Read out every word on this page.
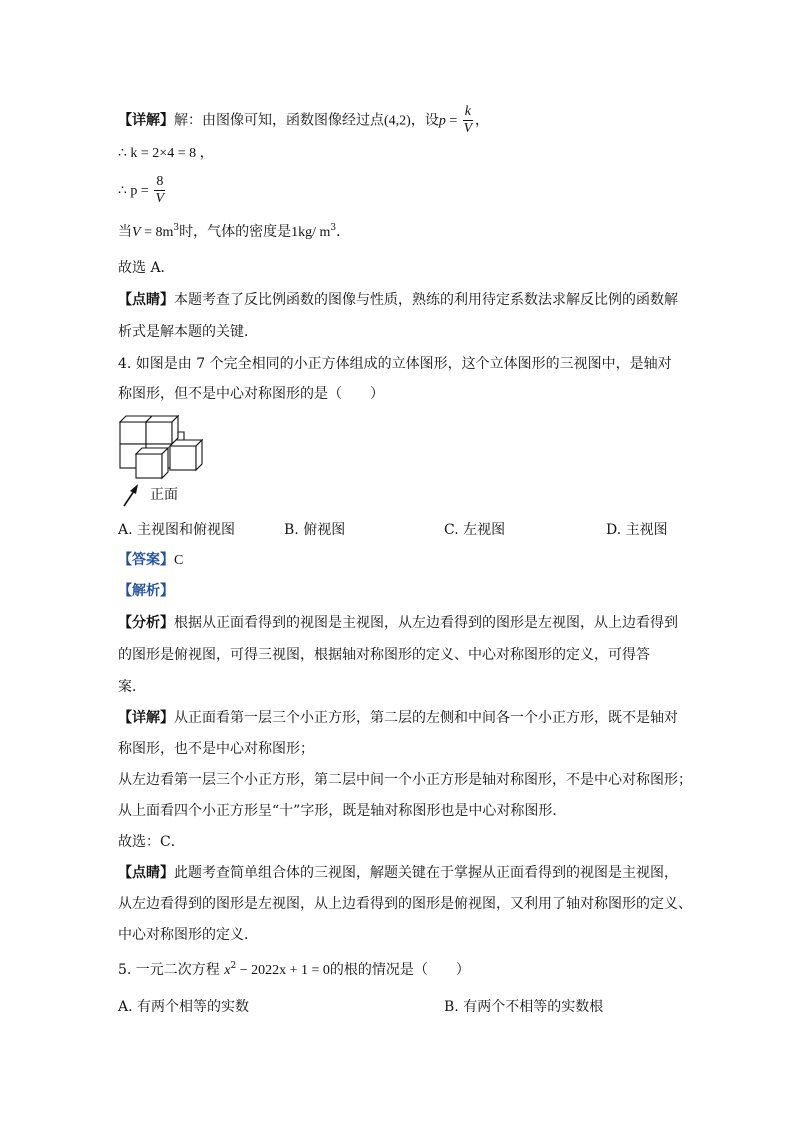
【详解】解：由图像可知，函数图像经过点(4,2)，设$p = \frac{k}{V}$ ，
∴ k = 2×4 = 8 ，
∴ $p = \frac{8}{V}$
当$V = 8m^3$时，气体的密度是1kg/ $m^3$．
故选 A．
【点睛】本题考查了反比例函数的图像与性质，熟练的利用待定系数法求解反比例的函数解
析式是解本题的关键．
4. 如图是由 7 个完全相同的小正方体组成的立体图形，这个立体图形的三视图中，是轴对
称图形，但不是中心对称图形的是（　　）
正面
A. 主视图和俯视图	B. 俯视图	C. 左视图	D. 主视图
【答案】C
【解析】
【分析】根据从正面看得到的视图是主视图，从左边看得到的图形是左视图，从上边看得到
的图形是俯视图，可得三视图，根据轴对称图形的定义、中心对称图形的定义，可得答
案．
【详解】从正面看第一层三个小正方形，第二层的左侧和中间各一个小正方形，既不是轴对
称图形，也不是中心对称图形；
从左边看第一层三个小正方形，第二层中间一个小正方形是轴对称图形，不是中心对称图形；
从上面看四个小正方形呈“十”字形，既是轴对称图形也是中心对称图形．
故选：C．
【点睛】此题考查简单组合体的三视图，解题关键在于掌握从正面看得到的视图是主视图，
从左边看得到的图形是左视图，从上边看得到的图形是俯视图，又利用了轴对称图形的定义、
中心对称图形的定义．
5. 一元二次方程 $x^2 - 2022x + 1 = 0$的根的情况是（　　）
A. 有两个相等的实数	B. 有两个不相等的实数根
